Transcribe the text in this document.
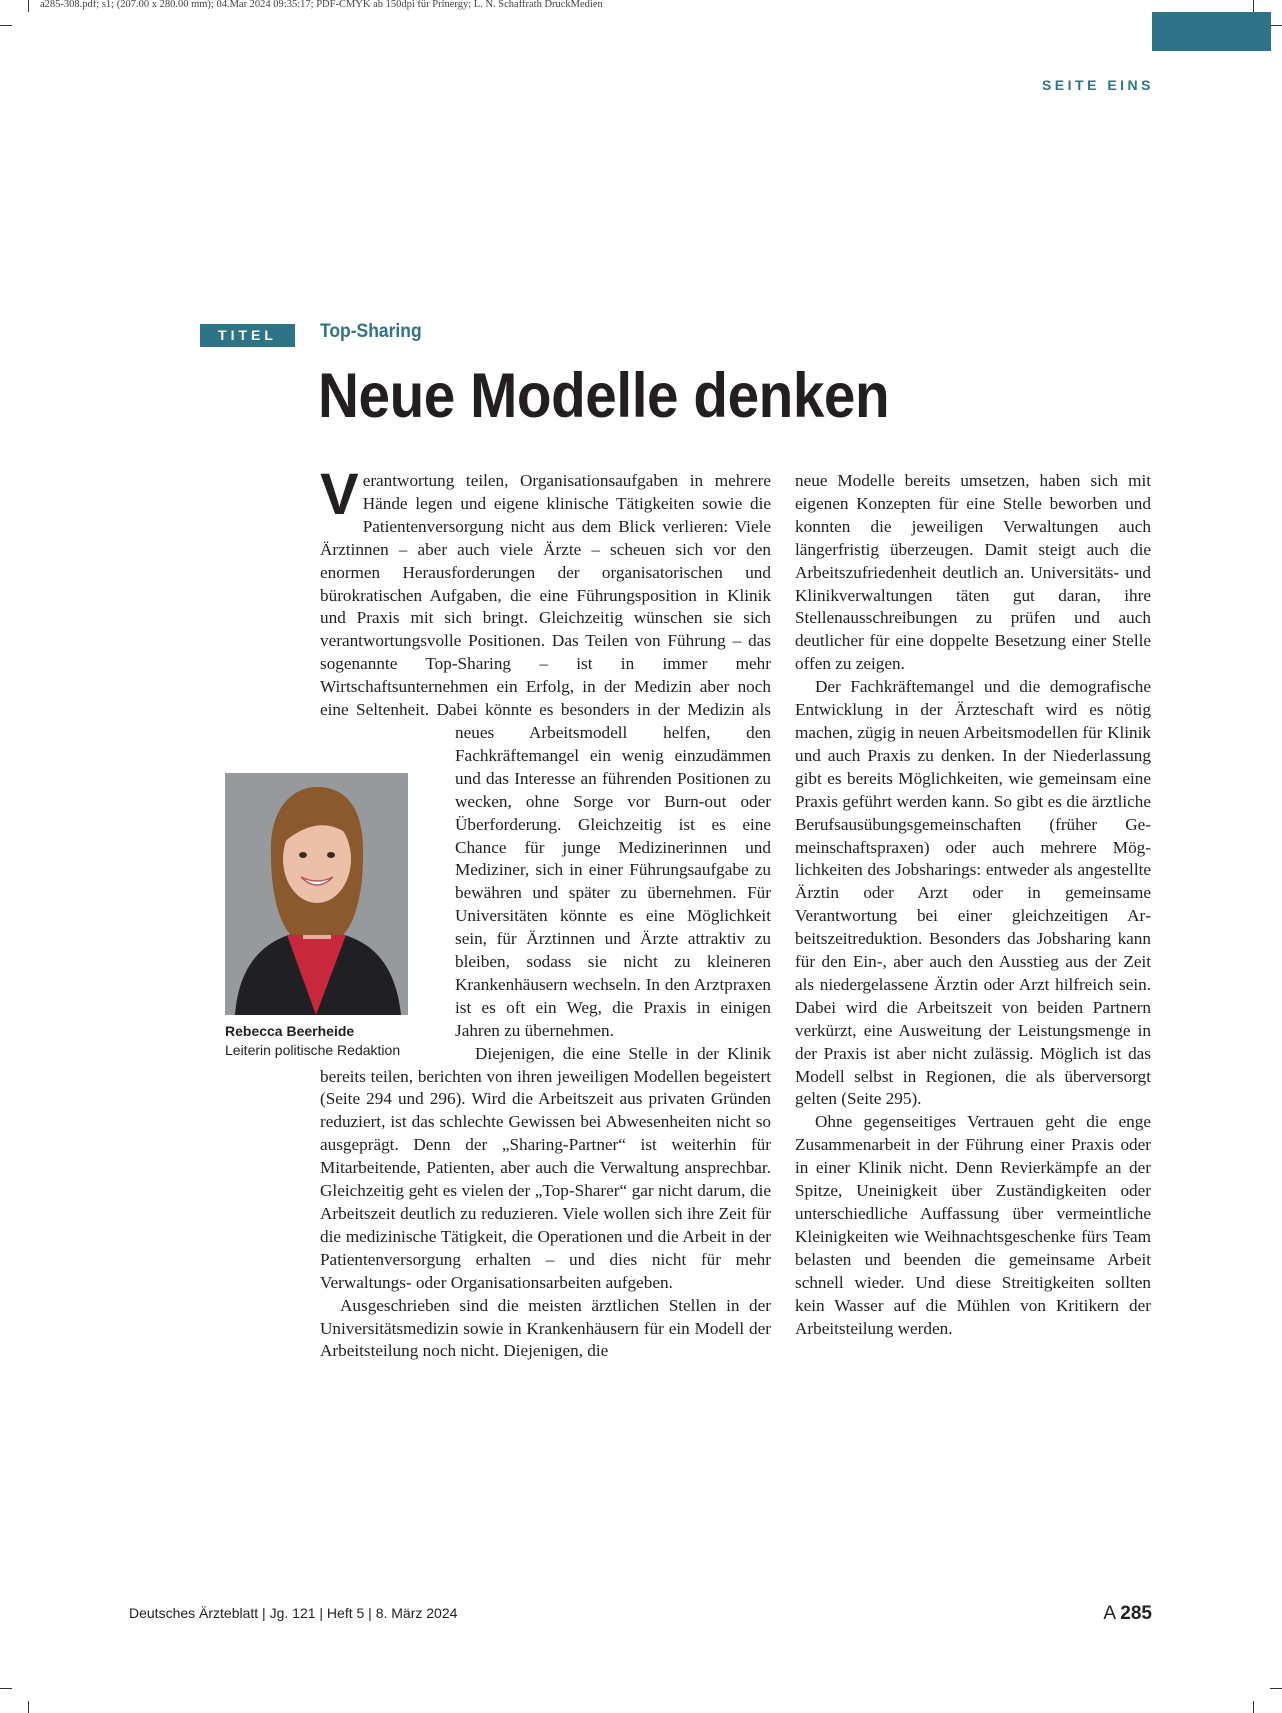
a285-308.pdf; s1; (207.00 x 280.00 mm); 04.Mar 2024 09:35:17; PDF-CMYK ab 150dpi für Prinergy; L. N. Schaffrath DruckMedien
SEITE EINS
TITEL	Top-Sharing
Neue Modelle denken

Verantwortung teilen, Organisationsaufgaben in mehrere Hände legen und eigene klinische Tätigkeiten sowie die Patientenversorgung nicht aus dem Blick verlieren: Viele Ärztinnen – aber auch viele Ärzte – scheuen sich vor den enormen Herausforderungen der organisatorischen und bürokratischen Aufgaben, die eine Führungsposition in Klinik und Praxis mit sich bringt. Gleichzeitig wünschen sie sich verantwortungsvolle Positionen. Das Teilen von Führung – das sogenannte Top-Sharing – ist in immer mehr Wirtschaftsunternehmen ein Erfolg, in der Medizin aber noch eine Seltenheit. Dabei könnte es besonders in der Medizin als neues Arbeitsmodell helfen,
den Fachkräftemangel ein wenig einzudämmen und das Interesse an führenden Positionen zu wecken, ohne Sorge vor Burn-out oder Überforderung. Gleichzeitig ist es eine Chance für junge Medizinerinnen und Mediziner, sich in einer Führungsaufgabe zu bewähren und später zu übernehmen. Für Universitäten könnte es eine Möglichkeit sein, für Ärztinnen und Ärzte attraktiv zu bleiben, sodass sie nicht zu kleineren Krankenhäusern wechseln. In den Arztpraxen ist es oft ein Weg, die Praxis in einigen Jahren zu übernehmen.

Diejenigen, die eine Stelle in der Klinik bereits teilen, berichten von ihren jeweiligen Modellen begeistert (Seite 294 und 296). Wird die Arbeitszeit aus privaten Gründen reduziert, ist das schlechte Gewissen bei Abwesenheiten nicht so ausgeprägt. Denn der „Sharing-Partner“ ist weiterhin für Mitarbeitende, Patienten, aber auch die Verwaltung ansprechbar. Gleichzeitig geht es vielen der „Top-Sharer“ gar nicht darum, die Arbeitszeit deutlich zu reduzieren. Viele wollen sich ihre Zeit für die medizinische Tätigkeit, die Operationen und die Arbeit in der Patientenversorgung erhalten – und dies nicht für mehr Verwaltungs- oder Organisationsarbeiten aufgeben.

Ausgeschrieben sind die meisten ärztlichen Stellen in der Universitätsmedizin sowie in Krankenhäusern für ein Modell der Arbeitsteilung noch nicht. Diejenigen, die

neue Modelle bereits umsetzen, haben sich mit eigenen Konzepten für eine Stelle beworben und konnten die jeweiligen Verwaltungen auch längerfristig überzeugen. Damit steigt auch die Arbeitszufriedenheit deutlich an. Universitäts- und Klinikverwaltungen täten gut daran, ihre Stellenausschreibungen zu prüfen und auch deutlicher für eine doppelte Besetzung einer Stelle offen zu zeigen.

Der Fachkräftemangel und die demografische Entwicklung in der Ärzteschaft wird es nötig machen, zügig in neuen Arbeitsmodellen für Klinik und auch Praxis zu denken. In der Niederlassung gibt es bereits Möglichkeiten, wie gemeinsam eine Praxis geführt werden kann. So gibt es die ärztliche Berufsausübungsgemeinschaften (früher Gemeinschaftspraxen) oder auch mehrere Möglichkeiten des Jobsharings: entweder als angestellte Ärztin oder Arzt oder in gemeinsame Verantwortung bei einer gleichzeitigen Arbeitszeitreduktion. Besonders das Jobsharing kann für den Ein-, aber auch den Ausstieg aus der Zeit als niedergelassene Ärztin oder Arzt hilfreich sein. Dabei wird die Arbeitszeit von beiden Partnern verkürzt, eine Ausweitung der Leistungsmenge in der Praxis ist aber nicht zulässig. Möglich ist das Modell selbst in Regionen, die als überversorgt gelten (Seite 295).

Ohne gegenseitiges Vertrauen geht die enge Zusammenarbeit in der Führung einer Praxis oder in einer Klinik nicht. Denn Revierkämpfe an der Spitze, Uneinigkeit über Zuständigkeiten oder unterschiedliche Auffassung über vermeintliche Kleinigkeiten wie Weihnachtsgeschenke fürs Team belasten und beenden die gemeinsame Arbeit schnell wieder. Und diese Streitigkeiten sollten kein Wasser auf die Mühlen von Kritikern der Arbeitsteilung werden.

Rebecca Beerheide
Leiterin politische Redaktion
Deutsches Ärzteblatt | Jg. 121 | Heft 5 | 8. März 2024	A 285
